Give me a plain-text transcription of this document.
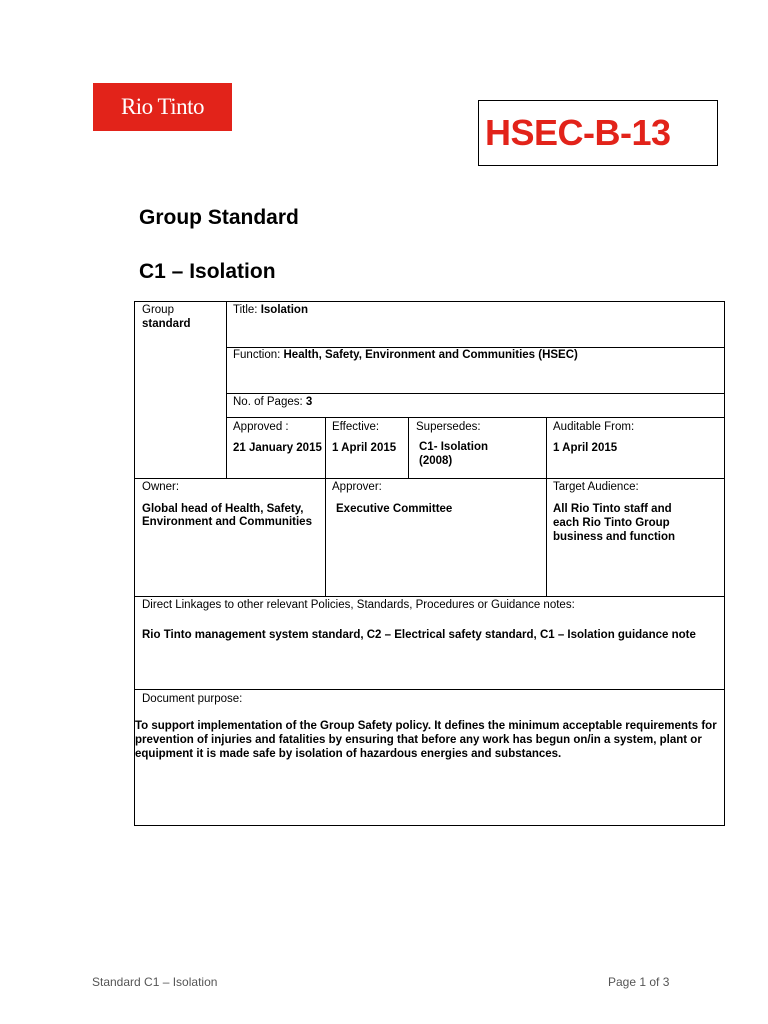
Rio Tinto
HSEC-B-13
Group Standard
C1 – Isolation
Group
standard
Title: Isolation
Function: Health, Safety, Environment and Communities (HSEC)
No. of Pages: 3
Approved :
21 January 2015
Effective:
1 April 2015
Supersedes:
C1- Isolation
(2008)
Auditable From:
1 April 2015
Owner:
Global head of Health, Safety,
Environment and Communities
Approver:
Executive Committee
Target Audience:
All Rio Tinto staff and
each Rio Tinto Group
business and function
Direct Linkages to other relevant Policies, Standards, Procedures or Guidance notes:
Rio Tinto management system standard, C2 – Electrical safety standard, C1 – Isolation guidance note
Document purpose:
To support implementation of the Group Safety policy. It defines the minimum acceptable requirements for
prevention of injuries and fatalities by ensuring that before any work has begun on/in a system, plant or
equipment it is made safe by isolation of hazardous energies and substances.
Standard C1 – Isolation	Page 1 of 3
